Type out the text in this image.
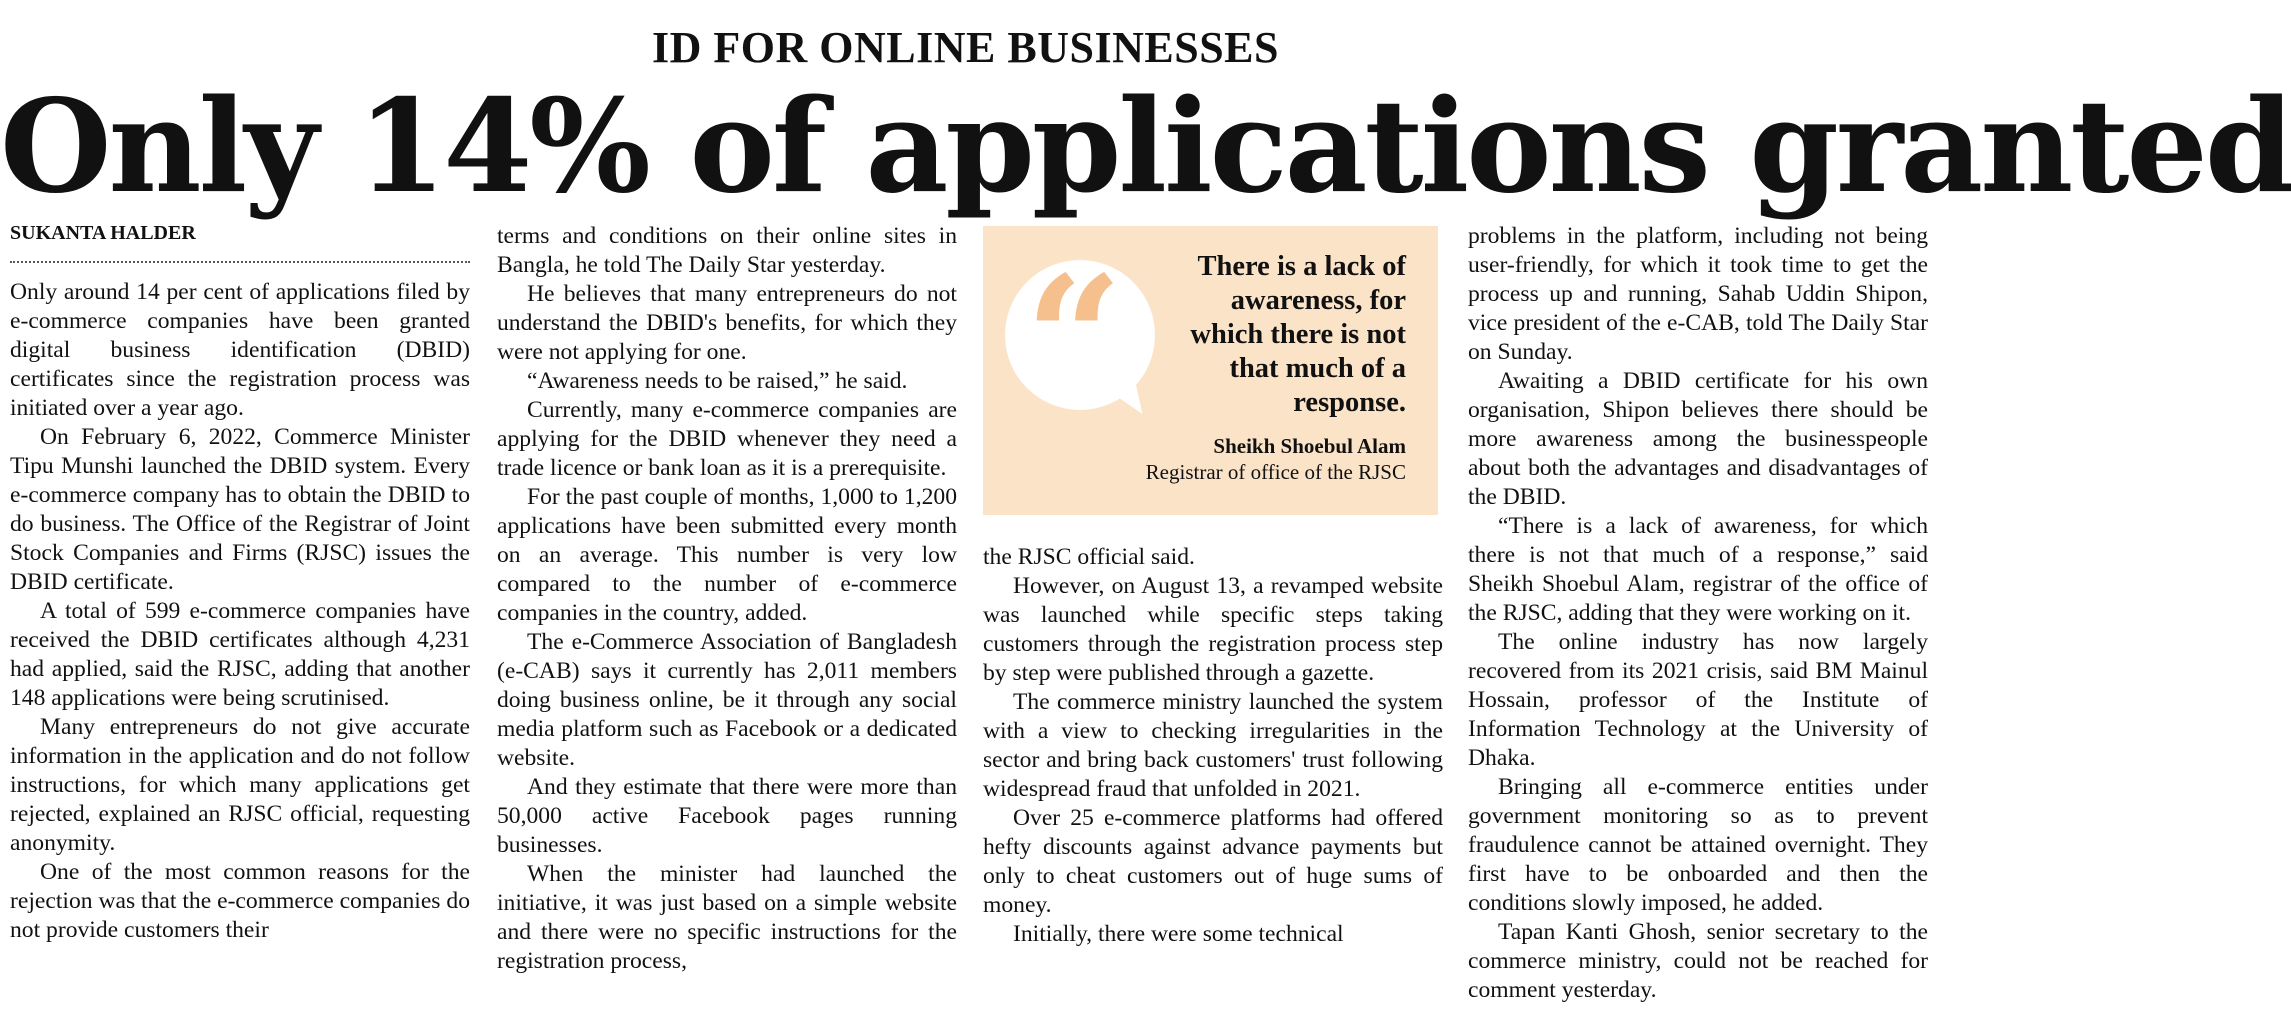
ID FOR ONLINE BUSINESSES
Only 14% of applications granted
SUKANTA HALDER

Only around 14 per cent of applications filed by e-commerce companies have been granted digital business identification (DBID) certificates since the registration process was initiated over a year ago.

On February 6, 2022, Commerce Minister Tipu Munshi launched the DBID system. Every e-commerce company has to obtain the DBID to do business. The Office of the Registrar of Joint Stock Companies and Firms (RJSC) issues the DBID certificate.

A total of 599 e-commerce companies have received the DBID certificates although 4,231 had applied, said the RJSC, adding that another 148 applications were being scrutinised.

Many entrepreneurs do not give accurate information in the application and do not follow instructions, for which many applications get rejected, explained an RJSC official, requesting anonymity.

One of the most common reasons for the rejection was that the e-commerce companies do not provide customers their

terms and conditions on their online sites in Bangla, he told The Daily Star yesterday.

He believes that many entrepreneurs do not understand the DBID's benefits, for which they were not applying for one.

“Awareness needs to be raised,” he said.

Currently, many e-commerce companies are applying for the DBID whenever they need a trade licence or bank loan as it is a prerequisite.

For the past couple of months, 1,000 to 1,200 applications have been submitted every month on an average. This number is very low compared to the number of e-commerce companies in the country, added.

The e-Commerce Association of Bangladesh (e-CAB) says it currently has 2,011 members doing business online, be it through any social media platform such as Facebook or a dedicated website.

And they estimate that there were more than 50,000 active Facebook pages running businesses.

When the minister had launched the initiative, it was just based on a simple website and there were no specific instructions for the registration process,

“	There is a lack of awareness, for which there is not that much of a response.
Sheikh Shoebul Alam
Registrar of office of the RJSC

the RJSC official said.

However, on August 13, a revamped website was launched while specific steps taking customers through the registration process step by step were published through a gazette.

The commerce ministry launched the system with a view to checking irregularities in the sector and bring back customers' trust following widespread fraud that unfolded in 2021.

Over 25 e-commerce platforms had offered hefty discounts against advance payments but only to cheat customers out of huge sums of money.

Initially, there were some technical

problems in the platform, including not being user-friendly, for which it took time to get the process up and running, Sahab Uddin Shipon, vice president of the e-CAB, told The Daily Star on Sunday.

Awaiting a DBID certificate for his own organisation, Shipon believes there should be more awareness among the businesspeople about both the advantages and disadvantages of the DBID.

“There is a lack of awareness, for which there is not that much of a response,” said Sheikh Shoebul Alam, registrar of the office of the RJSC, adding that they were working on it.

The online industry has now largely recovered from its 2021 crisis, said BM Mainul Hossain, professor of the Institute of Information Technology at the University of Dhaka.

Bringing all e-commerce entities under government monitoring so as to prevent fraudulence cannot be attained overnight. They first have to be onboarded and then the conditions slowly imposed, he added.

Tapan Kanti Ghosh, senior secretary to the commerce ministry, could not be reached for comment yesterday.
